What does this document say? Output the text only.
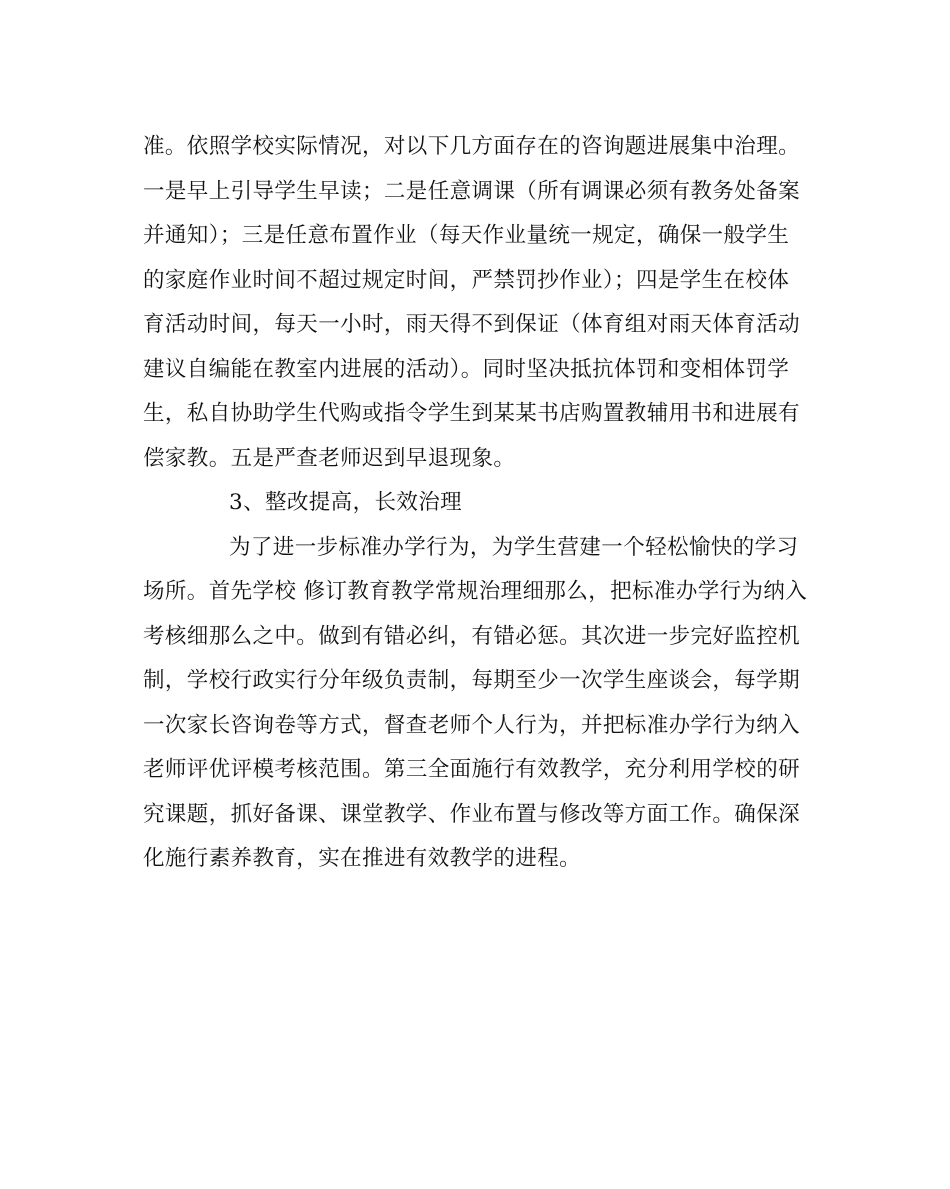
准。依照学校实际情况，对以下几方面存在的咨询题进展集中治理。
一是早上引导学生早读；二是任意调课（所有调课必须有教务处备案
并通知）；三是任意布置作业（每天作业量统一规定，确保一般学生
的家庭作业时间不超过规定时间，严禁罚抄作业）；四是学生在校体
育活动时间，每天一小时，雨天得不到保证（体育组对雨天体育活动
建议自编能在教室内进展的活动）。同时坚决抵抗体罚和变相体罚学
生，私自协助学生代购或指令学生到某某书店购置教辅用书和进展有
偿家教。五是严查老师迟到早退现象。
3、整改提高，长效治理
为了进一步标准办学行为，为学生营建一个轻松愉快的学习
场所。首先学校 修订教育教学常规治理细那么，把标准办学行为纳入
考核细那么之中。做到有错必纠，有错必惩。其次进一步完好监控机
制，学校行政实行分年级负责制，每期至少一次学生座谈会，每学期
一次家长咨询卷等方式，督查老师个人行为，并把标准办学行为纳入
老师评优评模考核范围。第三全面施行有效教学，充分利用学校的研
究课题，抓好备课、课堂教学、作业布置与修改等方面工作。确保深
化施行素养教育，实在推进有效教学的进程。
